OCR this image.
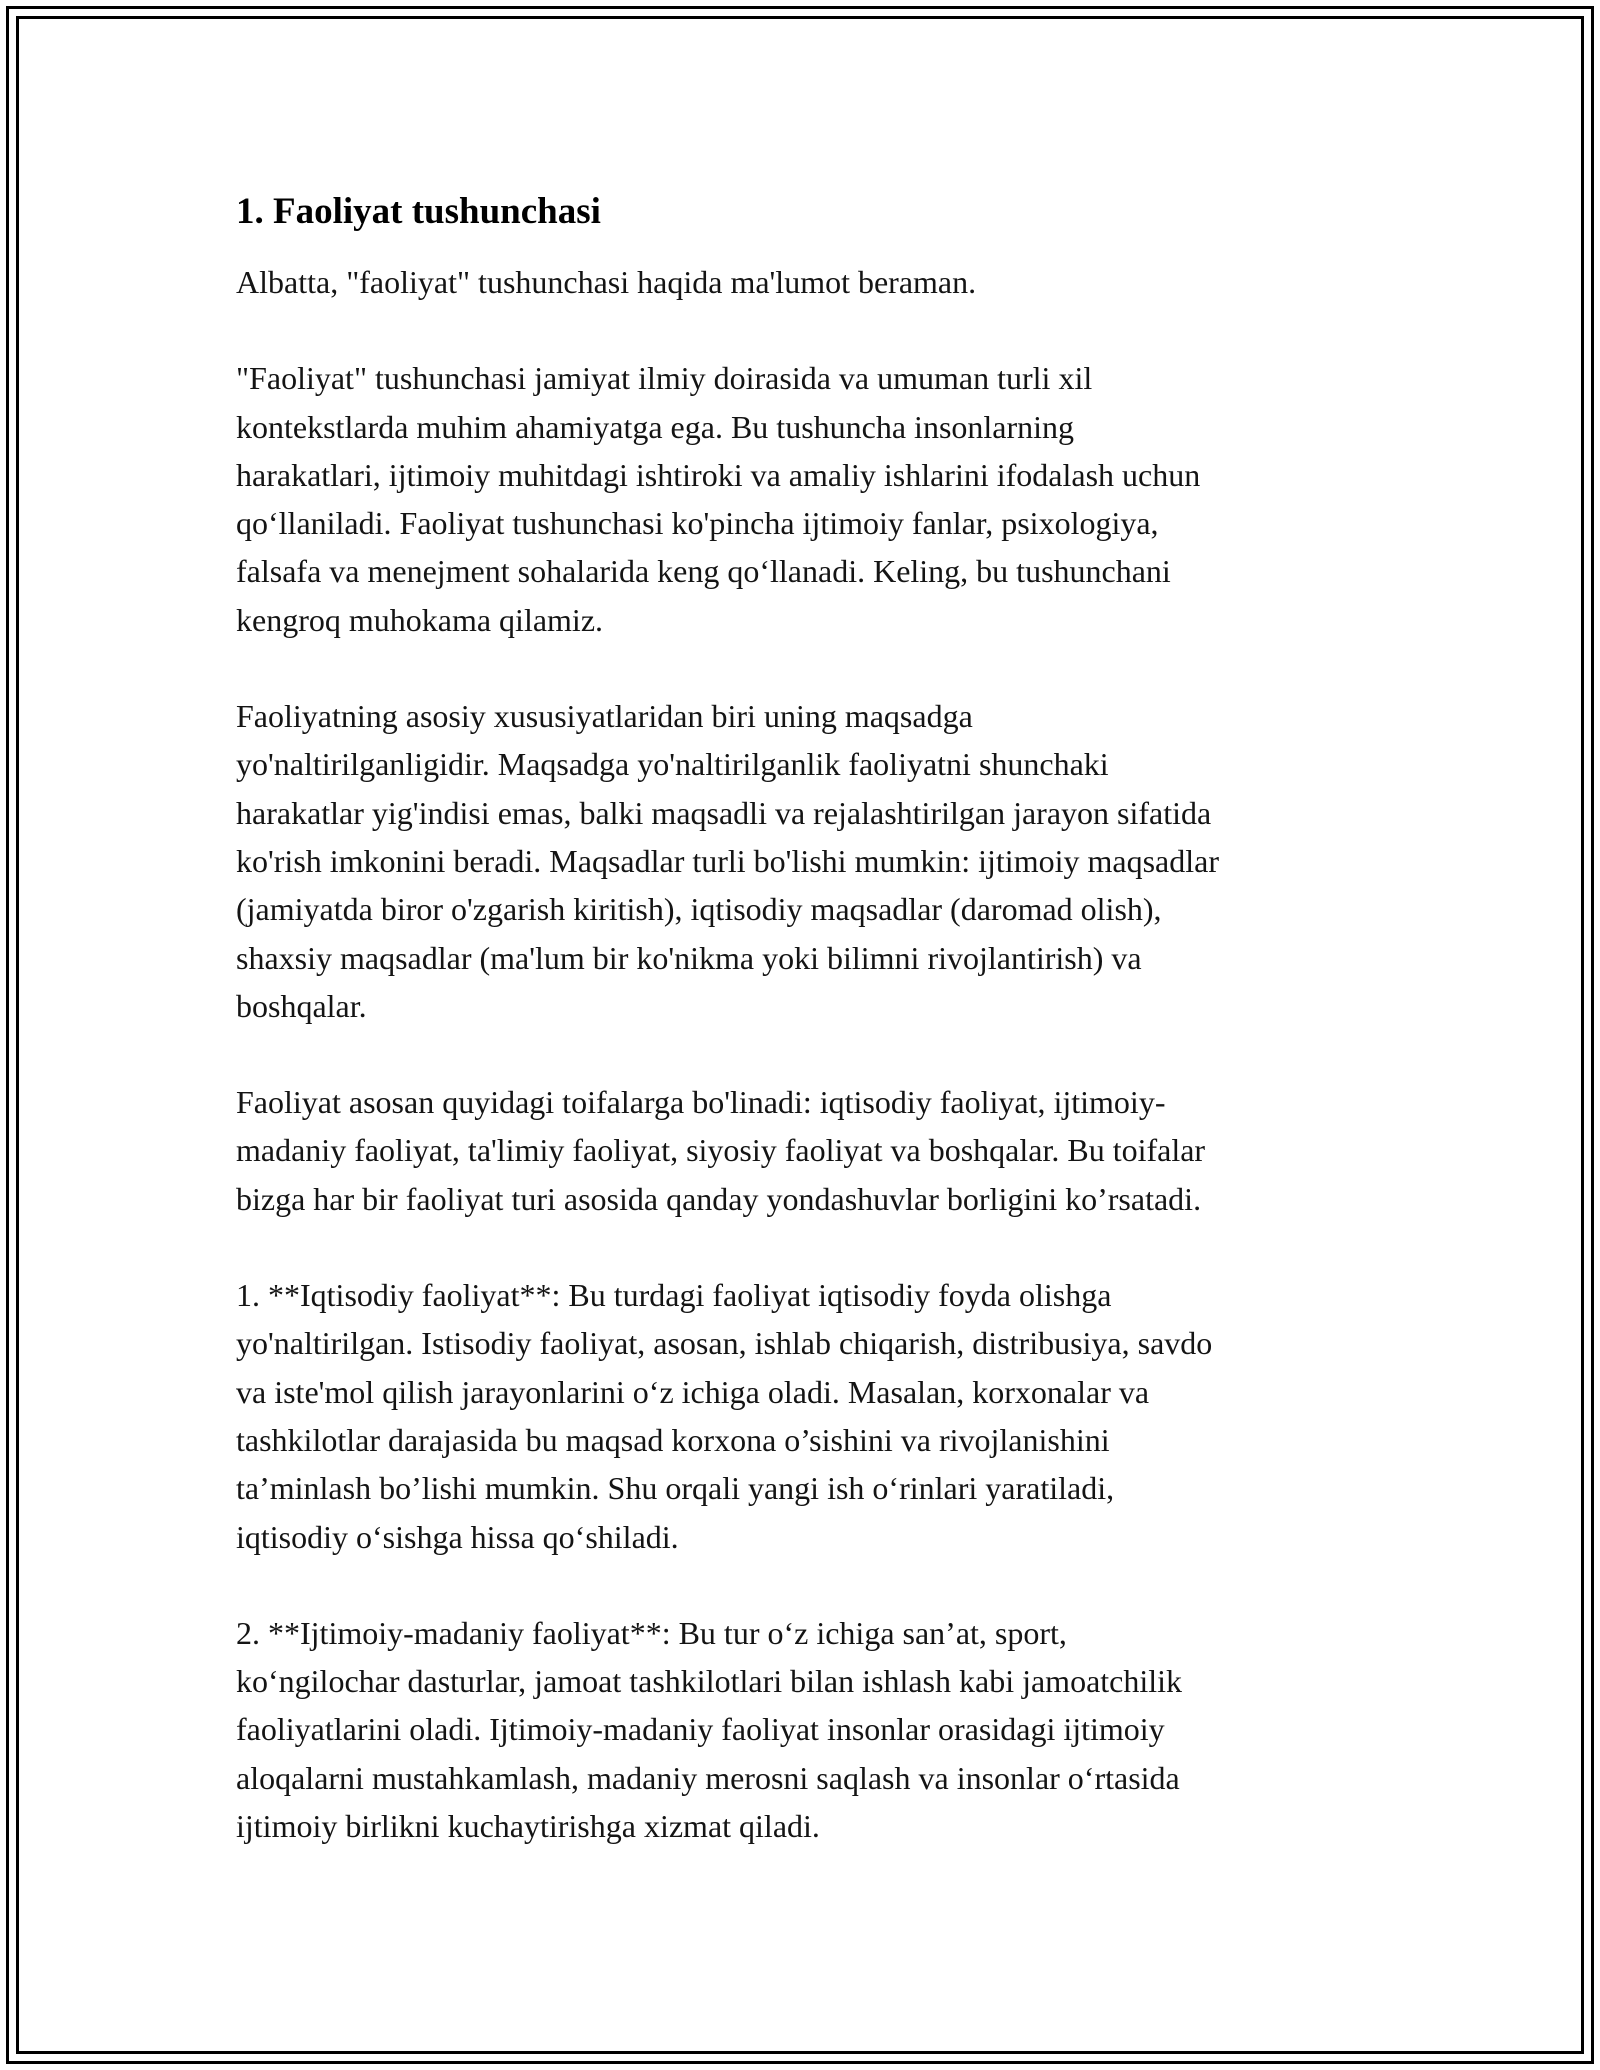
1. Faoliyat tushunchasi
Albatta, "faoliyat" tushunchasi haqida ma'lumot beraman.
"Faoliyat" tushunchasi jamiyat ilmiy doirasida va umuman turli xil
kontekstlarda muhim ahamiyatga ega. Bu tushuncha insonlarning
harakatlari, ijtimoiy muhitdagi ishtiroki va amaliy ishlarini ifodalash uchun
qo‘llaniladi. Faoliyat tushunchasi ko'pincha ijtimoiy fanlar, psixologiya,
falsafa va menejment sohalarida keng qo‘llanadi. Keling, bu tushunchani
kengroq muhokama qilamiz.
Faoliyatning asosiy xususiyatlaridan biri uning maqsadga
yo'naltirilganligidir. Maqsadga yo'naltirilganlik faoliyatni shunchaki
harakatlar yig'indisi emas, balki maqsadli va rejalashtirilgan jarayon sifatida
ko'rish imkonini beradi. Maqsadlar turli bo'lishi mumkin: ijtimoiy maqsadlar
(jamiyatda biror o'zgarish kiritish), iqtisodiy maqsadlar (daromad olish),
shaxsiy maqsadlar (ma'lum bir ko'nikma yoki bilimni rivojlantirish) va
boshqalar.
Faoliyat asosan quyidagi toifalarga bo'linadi: iqtisodiy faoliyat, ijtimoiy-
madaniy faoliyat, ta'limiy faoliyat, siyosiy faoliyat va boshqalar. Bu toifalar
bizga har bir faoliyat turi asosida qanday yondashuvlar borligini ko’rsatadi.
1. **Iqtisodiy faoliyat**: Bu turdagi faoliyat iqtisodiy foyda olishga
yo'naltirilgan. Istisodiy faoliyat, asosan, ishlab chiqarish, distribusiya, savdo
va iste'mol qilish jarayonlarini o‘z ichiga oladi. Masalan, korxonalar va
tashkilotlar darajasida bu maqsad korxona o’sishini va rivojlanishini
ta’minlash bo’lishi mumkin. Shu orqali yangi ish o‘rinlari yaratiladi,
iqtisodiy o‘sishga hissa qo‘shiladi.
2. **Ijtimoiy-madaniy faoliyat**: Bu tur o‘z ichiga san’at, sport,
ko‘ngilochar dasturlar, jamoat tashkilotlari bilan ishlash kabi jamoatchilik
faoliyatlarini oladi. Ijtimoiy-madaniy faoliyat insonlar orasidagi ijtimoiy
aloqalarni mustahkamlash, madaniy merosni saqlash va insonlar o‘rtasida
ijtimoiy birlikni kuchaytirishga xizmat qiladi.
